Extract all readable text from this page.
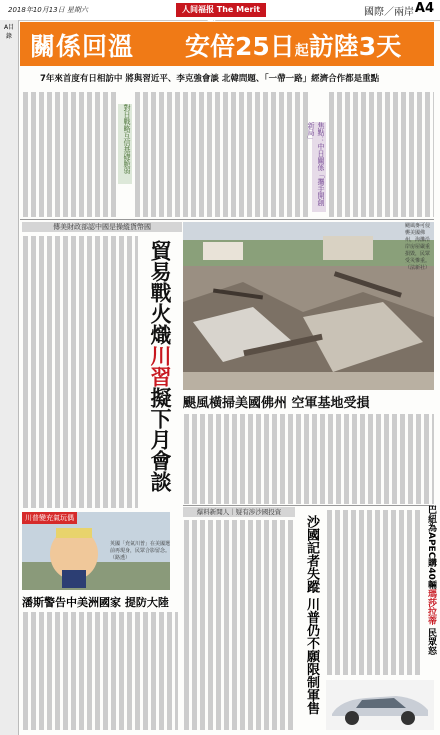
2018年10月13日 星期六	人间福报 The Merit	國際／兩岸 A4
A目錄 關係回溫 安倍25日起訪陸3天
7年來首度有日相訪中 將與習近平、李克強會談 北韓問題、「一帶一路」經濟合作都是重點
對日戰略互信基礎脆弱	焦點：中日關係「攜手開創新局」
傳美財政部認中國是操縱貨幣國
貿易戰火熾川習擬下月會談
颶風麥可侵襲美國佛州，海灘沿岸房屋嚴重損毀，民眾受災慘重。（法新社）
颶風橫掃美國佛州 空軍基地受損
川普變充氣玩偶
英國「充氣川普」在美國選前再現身，民眾合影留念。（路透）
潘斯警告中美洲國家 提防大陸
爆料新聞人｜疑有涉沙國投資
沙國記者失蹤 川普仍不願限制軍售	巴紐為APEC購40輛瑪莎拉蒂 民眾怒
